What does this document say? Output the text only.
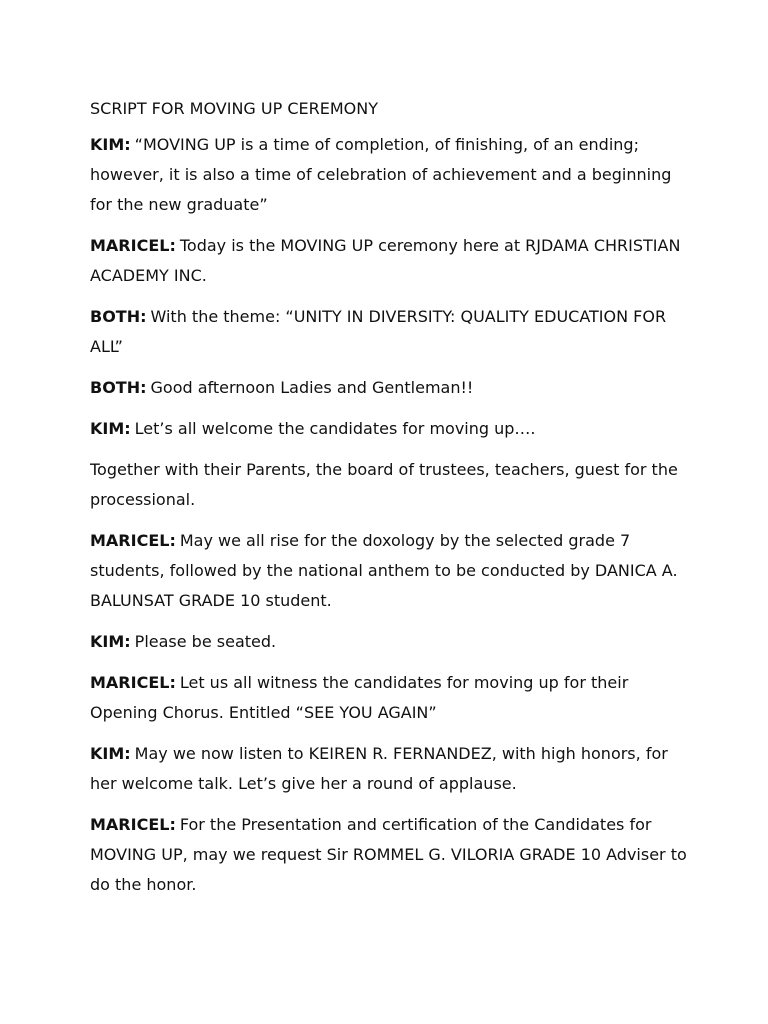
SCRIPT FOR MOVING UP CEREMONY

KIM: “MOVING UP is a time of completion, of finishing, of an ending; however, it is also a time of celebration of achievement and a beginning for the new graduate”

MARICEL: Today is the MOVING UP ceremony here at RJDAMA CHRISTIAN ACADEMY INC.

BOTH: With the theme: “UNITY IN DIVERSITY: QUALITY EDUCATION FOR ALL”

BOTH: Good afternoon Ladies and Gentleman!!

KIM: Let’s all welcome the candidates for moving up….

Together with their Parents, the board of trustees, teachers, guest for the processional.

MARICEL: May we all rise for the doxology by the selected grade 7 students, followed by the national anthem to be conducted by DANICA A. BALUNSAT GRADE 10 student.

KIM: Please be seated.

MARICEL: Let us all witness the candidates for moving up for their Opening Chorus. Entitled “SEE YOU AGAIN”

KIM: May we now listen to KEIREN R. FERNANDEZ, with high honors, for her welcome talk. Let’s give her a round of applause.

MARICEL: For the Presentation and certification of the Candidates for MOVING UP, may we request Sir ROMMEL G. VILORIA GRADE 10 Adviser to do the honor.
